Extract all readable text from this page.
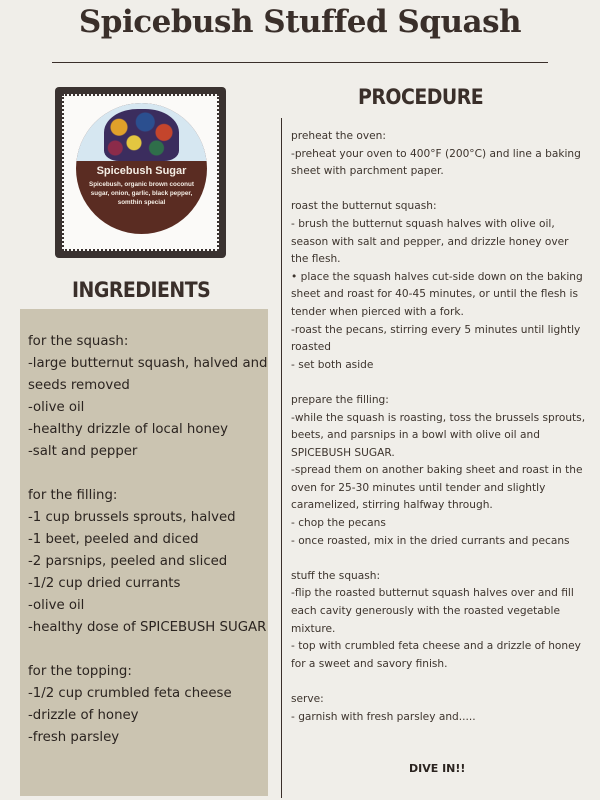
Spicebush Stuffed Squash
Spicebush Sugar
Spicebush, organic brown coconut sugar, onion, garlic, black pepper, somthin special
INGREDIENTS
PROCEDURE
for the squash:
-large butternut squash, halved and seeds removed
-olive oil
-healthy drizzle of local honey
-salt and pepper
for the filling:
-1 cup brussels sprouts, halved
-1 beet, peeled and diced
-2 parsnips, peeled and sliced
-1/2 cup dried currants
-olive oil
-healthy dose of SPICEBUSH SUGAR
for the topping:
-1/2 cup crumbled feta cheese
-drizzle of honey
-fresh parsley
preheat the oven:
-preheat your oven to 400°F (200°C) and line a baking sheet with parchment paper.
roast the butternut squash:
- brush the butternut squash halves with olive oil, season with salt and pepper, and drizzle honey over the flesh.
• place the squash halves cut-side down on the baking sheet and roast for 40-45 minutes, or until the flesh is tender when pierced with a fork.
-roast the pecans, stirring every 5 minutes until lightly roasted
- set both aside
prepare the filling:
-while the squash is roasting, toss the brussels sprouts, beets, and parsnips in a bowl with olive oil and SPICEBUSH SUGAR.
-spread them on another baking sheet and roast in the oven for 25-30 minutes until tender and slightly caramelized, stirring halfway through.
- chop the pecans
- once roasted, mix in the dried currants and pecans
stuff the squash:
-flip the roasted butternut squash halves over and fill each cavity generously with the roasted vegetable mixture.
- top with crumbled feta cheese and a drizzle of honey for a sweet and savory finish.
serve:
- garnish with fresh parsley and.....
DIVE IN!!
